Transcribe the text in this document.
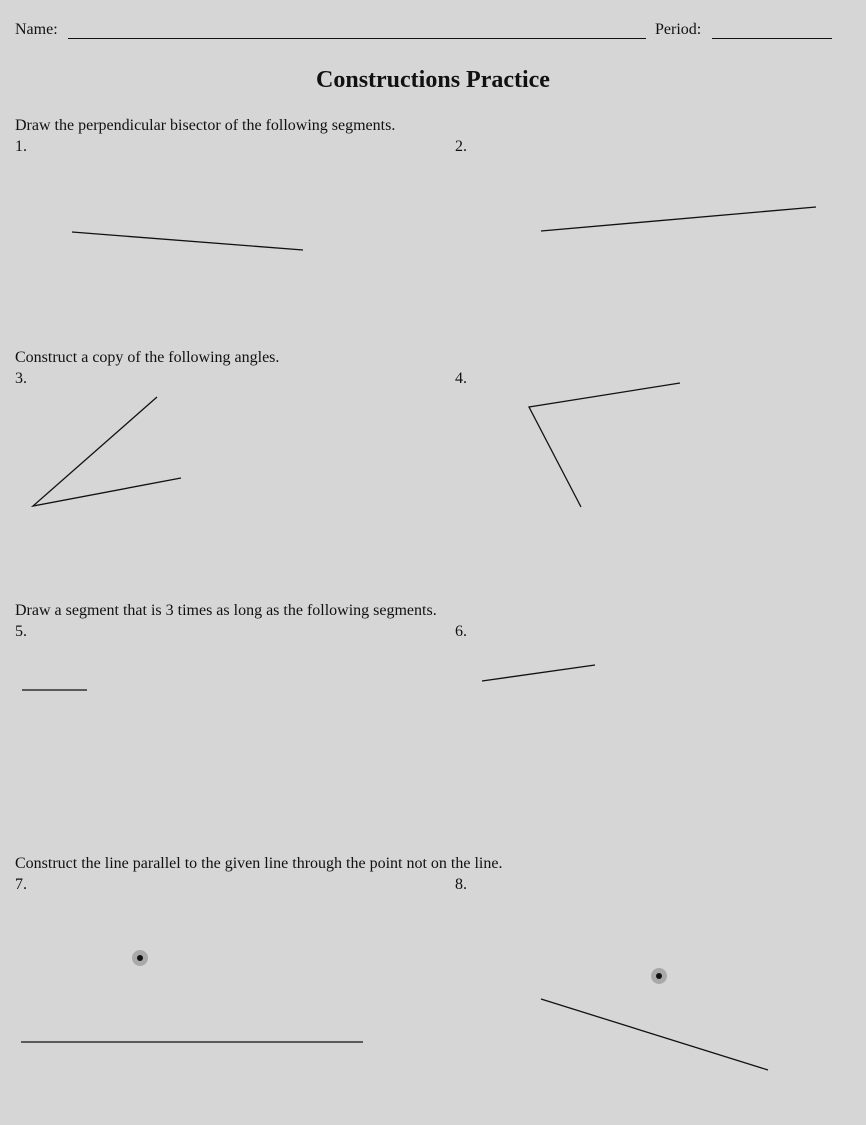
Name:	Period:
Constructions Practice
Draw the perpendicular bisector of the following segments.
1.	2.
Construct a copy of the following angles.
3.	4.
Draw a segment that is 3 times as long as the following segments.
5.	6.
Construct the line parallel to the given line through the point not on the line.
7.	8.
